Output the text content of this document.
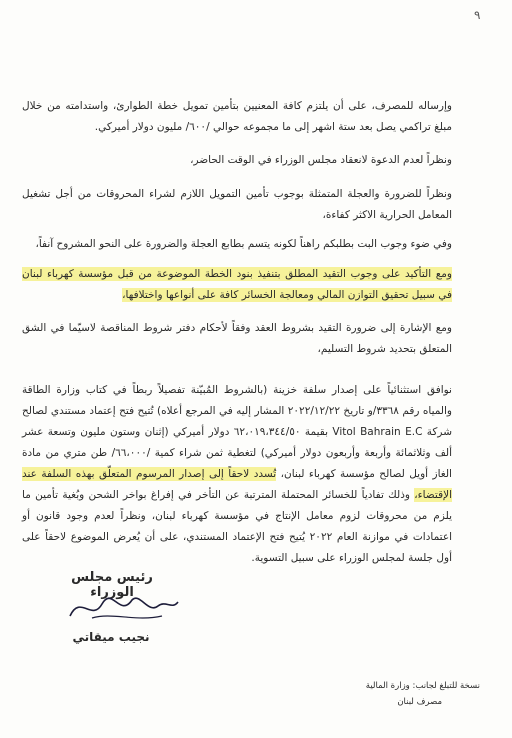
٩

وإرساله للمصرف، على أن يلتزم كافة المعنيين بتأمين تمويل خطة الطوارئ، واستدامته من خلال مبلغ تراكمي يصل بعد ستة اشهر إلى ما مجموعه حوالي /٦٠٠/ مليون دولار أميركي.

ونظراً لعدم الدعوة لانعقاد مجلس الوزراء في الوقت الحاضر،

ونظراً للضرورة والعجلة المتمثلة بوجوب تأمين التمويل اللازم لشراء المحروقات من أجل تشغيل المعامل الحرارية الاكثر كفاءة،

وفي ضوء وجوب البت بطلبكم راهناً لكونه يتسم بطابع العجلة والضرورة على النحو المشروح آنفاً،

ومع التأكيد على وجوب التقيد المطلق بتنفيذ بنود الخطة الموضوعة من قبل مؤسسة كهرباء لبنان في سبيل تحقيق التوازن المالي ومعالجة الخسائر كافة على أنواعها واختلافها،

ومع الإشارة إلى ضرورة التقيد بشروط العقد وفقاً لأحكام دفتر شروط المناقصة لاسيّما في الشق المتعلق بتحديد شروط التسليم،

نوافق استثنائياً على إصدار سلفة خزينة (بالشروط المُبيّنة تفصيلاً ربطاً في كتاب وزارة الطاقة والمياه رقم ٣٣٦٨/و تاريخ ٢٠٢٢/١٢/٢٢ المشار إليه في المرجع أعلاه) تُتيح فتح إعتماد مستندي لصالح شركة Vitol Bahrain E.C بقيمة ٦٢،٠١٩،٣٤٤/٥٠ دولار أميركي (إثنان وستون مليون وتسعة عشر ألف وثلاثمائة وأربعة وأربعون دولار أميركي) لتغطية ثمن شراء كمية /٦٦،٠٠٠/ طن متري من مادة الغاز أويل لصالح مؤسسة كهرباء لبنان، تُسدد لاحقاً إلى إصدار المرسوم المتعلّق بهذه السلفة عند الإقتضاء، وذلك تفادياً للخسائر المحتملة المترتبة عن التأخر في إفراغ بواخر الشحن وبُغية تأمين ما يلزم من محروقات لزوم معامل الإنتاج في مؤسسة كهرباء لبنان، ونظراً لعدم وجود قانون أو اعتمادات في موازنة العام ٢٠٢٢ يُتيح فتح الإعتماد المستندي، على أن يُعرض الموضوع لاحقاً على أول جلسة لمجلس الوزراء على سبيل التسوية.

رئيس مجلس الوزراء
نجيب ميقاتي
نسخة للتبلغ لجانب: وزارة المالية
مصرف لبنان
